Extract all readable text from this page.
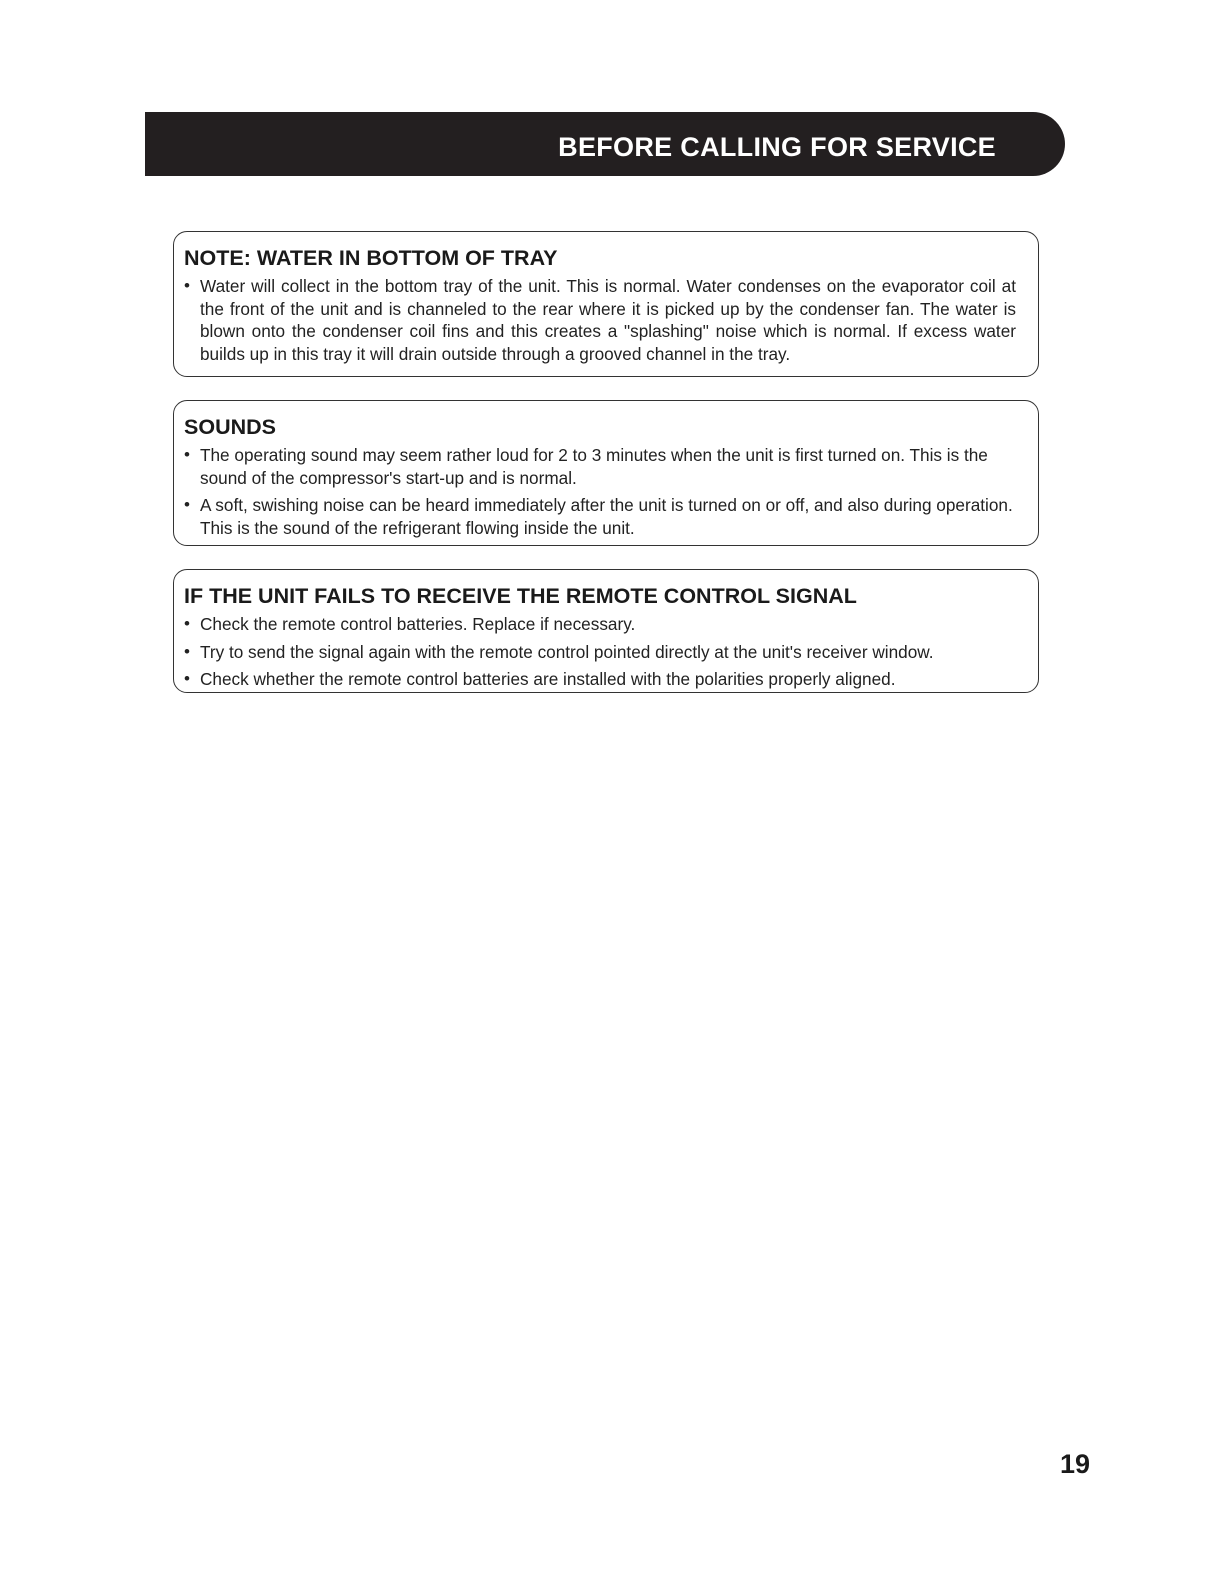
BEFORE CALLING FOR SERVICE
NOTE: WATER IN BOTTOM OF TRAY
• Water will collect in the bottom tray of the unit. This is normal. Water condenses on the evaporator coil at the front of the unit and is channeled to the rear where it is picked up by the condenser fan. The water is blown onto the condenser coil fins and this creates a "splashing" noise which is normal. If excess water builds up in this tray it will drain outside through a grooved channel in the tray.
SOUNDS
• The operating sound may seem rather loud for 2 to 3 minutes when the unit is first turned on. This is the sound of the compressor's start-up and is normal.
• A soft, swishing noise can be heard immediately after the unit is turned on or off, and also during operation. This is the sound of the refrigerant flowing inside the unit.
IF THE UNIT FAILS TO RECEIVE THE REMOTE CONTROL SIGNAL
• Check the remote control batteries. Replace if necessary.
• Try to send the signal again with the remote control pointed directly at the unit's receiver window.
• Check whether the remote control batteries are installed with the polarities properly aligned.

19
